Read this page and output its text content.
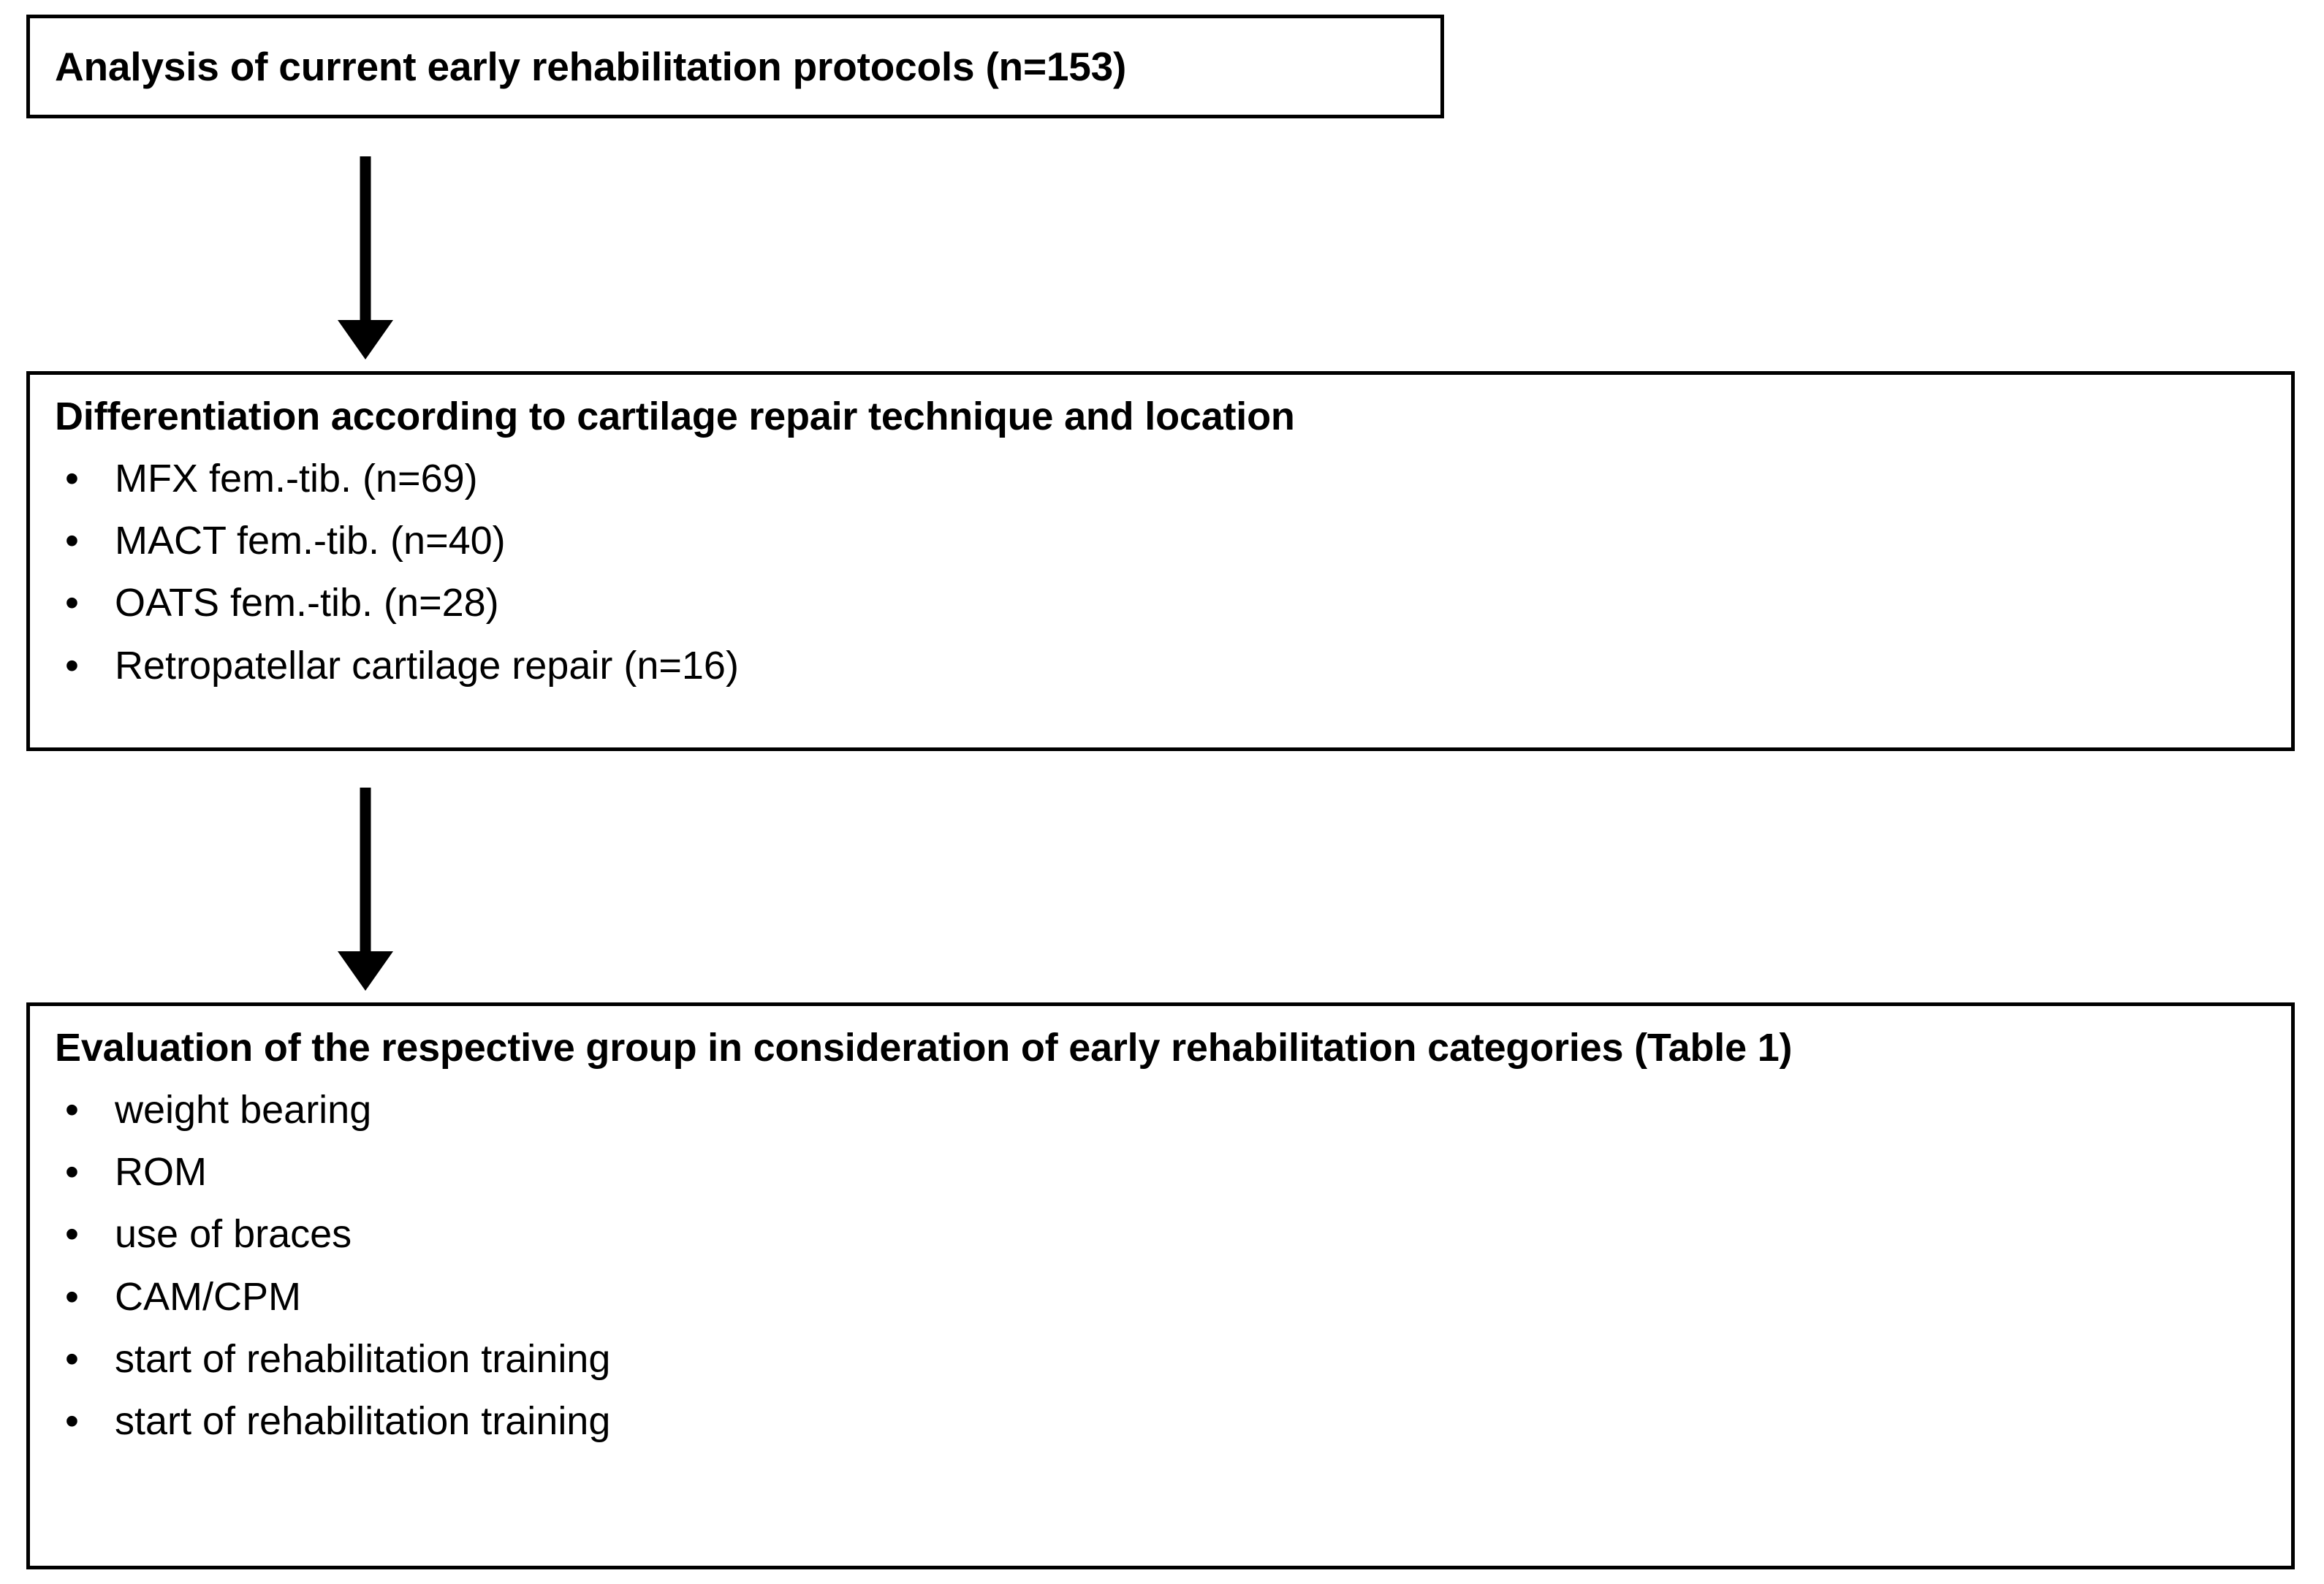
Analysis of current early rehabilitation protocols (n=153)
Differentiation according to cartilage repair technique and location
• MFX fem.-tib. (n=69)
• MACT fem.-tib. (n=40)
• OATS fem.-tib. (n=28)
• Retropatellar cartilage repair (n=16)
Evaluation of the respective group in consideration of early rehabilitation categories (Table 1)
• weight bearing
• ROM
• use of braces
• CAM/CPM
• start of rehabilitation training
• start of rehabilitation training
